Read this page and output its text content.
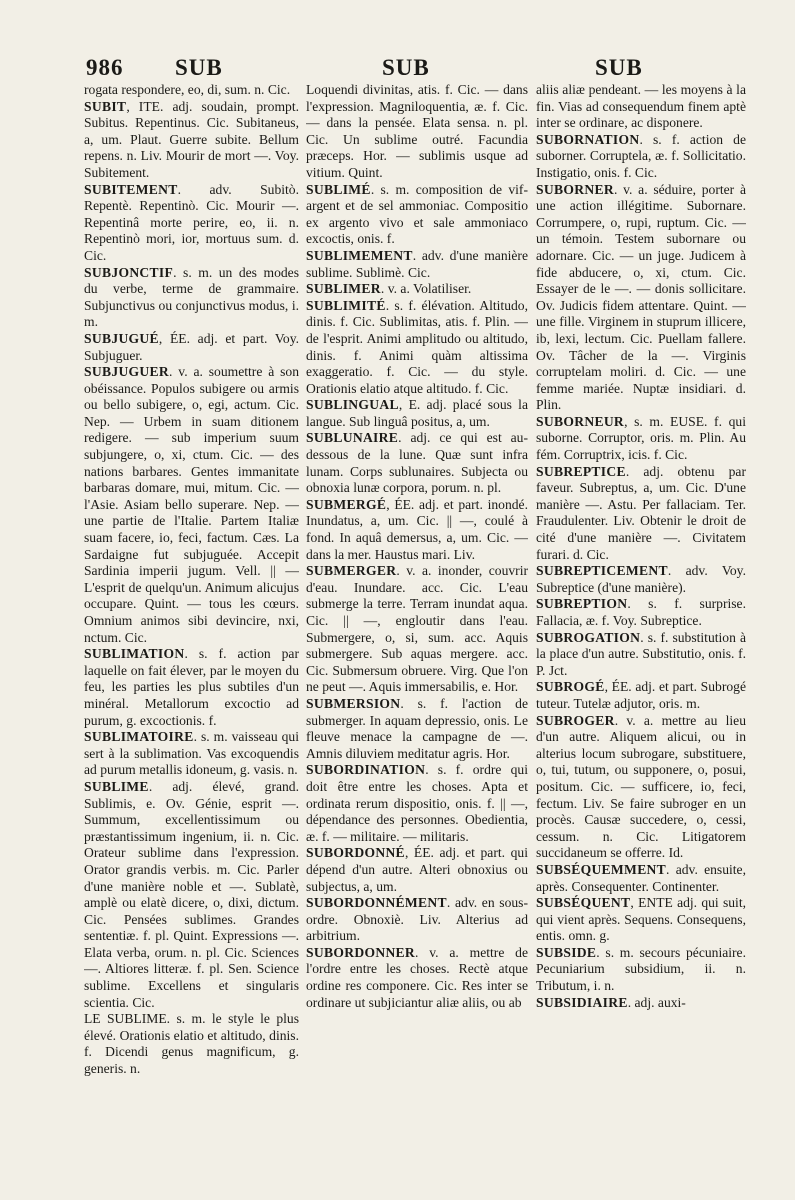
986 SUB	SUB	SUB

rogata respondere, eo, di, sum. n. Cic.

SUBIT, ITE. adj. soudain, prompt. Subitus. Repentinus. Cic. Subitaneus, a, um. Plaut. Guerre subite. Bellum repens. n. Liv. Mourir de mort —. Voy. Subitement.

SUBITEMENT. adv. Subitò. Repentè. Repentinò. Cic. Mourir —. Repentinâ morte perire, eo, ii. n. Repentinò mori, ior, mortuus sum. d. Cic.

SUBJONCTIF. s. m. un des modes du verbe, terme de grammaire. Subjunctivus ou conjunctivus modus, i. m.

SUBJUGUÉ, ÉE. adj. et part. Voy. Subjuguer.

SUBJUGUER. v. a. soumettre à son obéissance. Populos subigere ou armis ou bello subigere, o, egi, actum. Cic. Nep. — Urbem in suam ditionem redigere. — sub imperium suum subjungere, o, xi, ctum. Cic. — des nations barbares. Gentes immanitate barbaras domare, mui, mitum. Cic. — l'Asie. Asiam bello superare. Nep. — une partie de l'Italie. Partem Italiæ suam facere, io, feci, factum. Cæs. La Sardaigne fut subjuguée. Accepit Sardinia imperii jugum. Vell. || — L'esprit de quelqu'un. Animum alicujus occupare. Quint. — tous les cœurs. Omnium animos sibi devincire, nxi, nctum. Cic.

SUBLIMATION. s. f. action par laquelle on fait élever, par le moyen du feu, les parties les plus subtiles d'un minéral. Metallorum excoctio ad purum, g. excoctionis. f.

SUBLIMATOIRE. s. m. vaisseau qui sert à la sublimation. Vas excoquendis ad purum metallis idoneum, g. vasis. n.

SUBLIME. adj. élevé, grand. Sublimis, e. Ov. Génie, esprit —. Summum, excellentissimum ou præstantissimum ingenium, ii. n. Cic. Orateur sublime dans l'expression. Orator grandis verbis. m. Cic. Parler d'une manière noble et —. Sublatè, amplè ou elatè dicere, o, dixi, dictum. Cic. Pensées sublimes. Grandes sententiæ. f. pl. Quint. Expressions —. Elata verba, orum. n. pl. Cic. Sciences —. Altiores litteræ. f. pl. Sen. Science sublime. Excellens et singularis scientia. Cic.

LE SUBLIME. s. m. le style le plus élevé. Orationis elatio et altitudo, dinis. f. Dicendi genus magnificum, g. generis. n.

Loquendi divinitas, atis. f. Cic. — dans l'expression. Magniloquentia, æ. f. Cic. — dans la pensée. Elata sensa. n. pl. Cic. Un sublime outré. Facundia præceps. Hor. — sublimis usque ad vitium. Quint.

SUBLIMÉ. s. m. composition de vif-argent et de sel ammoniac. Compositio ex argento vivo et sale ammoniaco excoctis, onis. f.

SUBLIMEMENT. adv. d'une manière sublime. Sublimè. Cic.

SUBLIMER. v. a. Volatiliser.

SUBLIMITÉ. s. f. élévation. Altitudo, dinis. f. Cic. Sublimitas, atis. f. Plin. — de l'esprit. Animi amplitudo ou altitudo, dinis. f. Animi quàm altissima exaggeratio. f. Cic. — du style. Orationis elatio atque altitudo. f. Cic.

SUBLINGUAL, E. adj. placé sous la langue. Sub linguâ positus, a, um.

SUBLUNAIRE. adj. ce qui est au-dessous de la lune. Quæ sunt infra lunam. Corps sublunaires. Subjecta ou obnoxia lunæ corpora, porum. n. pl.

SUBMERGÉ, ÉE. adj. et part. inondé. Inundatus, a, um. Cic. || —, coulé à fond. In aquâ demersus, a, um. Cic. — dans la mer. Haustus mari. Liv.

SUBMERGER. v. a. inonder, couvrir d'eau. Inundare. acc. Cic. L'eau submerge la terre. Terram inundat aqua. Cic. || —, engloutir dans l'eau. Submergere, o, si, sum. acc. Aquis submergere. Sub aquas mergere. acc. Cic. Submersum obruere. Virg. Que l'on ne peut —. Aquis immersabilis, e. Hor.

SUBMERSION. s. f. l'action de submerger. In aquam depressio, onis. Le fleuve menace la campagne de —. Amnis diluviem meditatur agris. Hor.

SUBORDINATION. s. f. ordre qui doit être entre les choses. Apta et ordinata rerum dispositio, onis. f. || —, dépendance des personnes. Obedientia, æ. f. — militaire. — militaris.

SUBORDONNÉ, ÉE. adj. et part. qui dépend d'un autre. Alteri obnoxius ou subjectus, a, um.

SUBORDONNÉMENT. adv. en sous-ordre. Obnoxiè. Liv. Alterius ad arbitrium.

SUBORDONNER. v. a. mettre de l'ordre entre les choses. Rectè atque ordine res componere. Cic. Res inter se ordinare ut subjiciantur aliæ aliis, ou ab

aliis aliæ pendeant. — les moyens à la fin. Vias ad consequendum finem aptè inter se ordinare, ac disponere.

SUBORNATION. s. f. action de suborner. Corruptela, æ. f. Sollicitatio. Instigatio, onis. f. Cic.

SUBORNER. v. a. séduire, porter à une action illégitime. Subornare. Corrumpere, o, rupi, ruptum. Cic. — un témoin. Testem subornare ou adornare. Cic. — un juge. Judicem à fide abducere, o, xi, ctum. Cic. Essayer de le —. — donis sollicitare. Ov. Judicis fidem attentare. Quint. — une fille. Virginem in stuprum illicere, ib, lexi, lectum. Cic. Puellam fallere. Ov. Tâcher de la —. Virginis corruptelam moliri. d. Cic. — une femme mariée. Nuptæ insidiari. d. Plin.

SUBORNEUR, s. m. EUSE. f. qui suborne. Corruptor, oris. m. Plin. Au fém. Corruptrix, icis. f. Cic.

SUBREPTICE. adj. obtenu par faveur. Subreptus, a, um. Cic. D'une manière —. Astu. Per fallaciam. Ter. Fraudulenter. Liv. Obtenir le droit de cité d'une manière —. Civitatem furari. d. Cic.

SUBREPTICEMENT. adv. Voy. Subreptice (d'une manière).

SUBREPTION. s. f. surprise. Fallacia, æ. f. Voy. Subreptice.

SUBROGATION. s. f. substitution à la place d'un autre. Substitutio, onis. f. P. Jct.

SUBROGÉ, ÉE. adj. et part. Subrogé tuteur. Tutelæ adjutor, oris. m.

SUBROGER. v. a. mettre au lieu d'un autre. Aliquem alicui, ou in alterius locum subrogare, substituere, o, tui, tutum, ou supponere, o, posui, positum. Cic. — sufficere, io, feci, fectum. Liv. Se faire subroger en un procès. Causæ succedere, o, cessi, cessum. n. Cic. Litigatorem succidaneum se offerre. Id.

SUBSÉQUEMMENT. adv. ensuite, après. Consequenter. Continenter.

SUBSÉQUENT, ENTE adj. qui suit, qui vient après. Sequens. Consequens, entis. omn. g.

SUBSIDE. s. m. secours pécuniaire. Pecuniarium subsidium, ii. n. Tributum, i. n.

SUBSIDIAIRE. adj. auxi-
